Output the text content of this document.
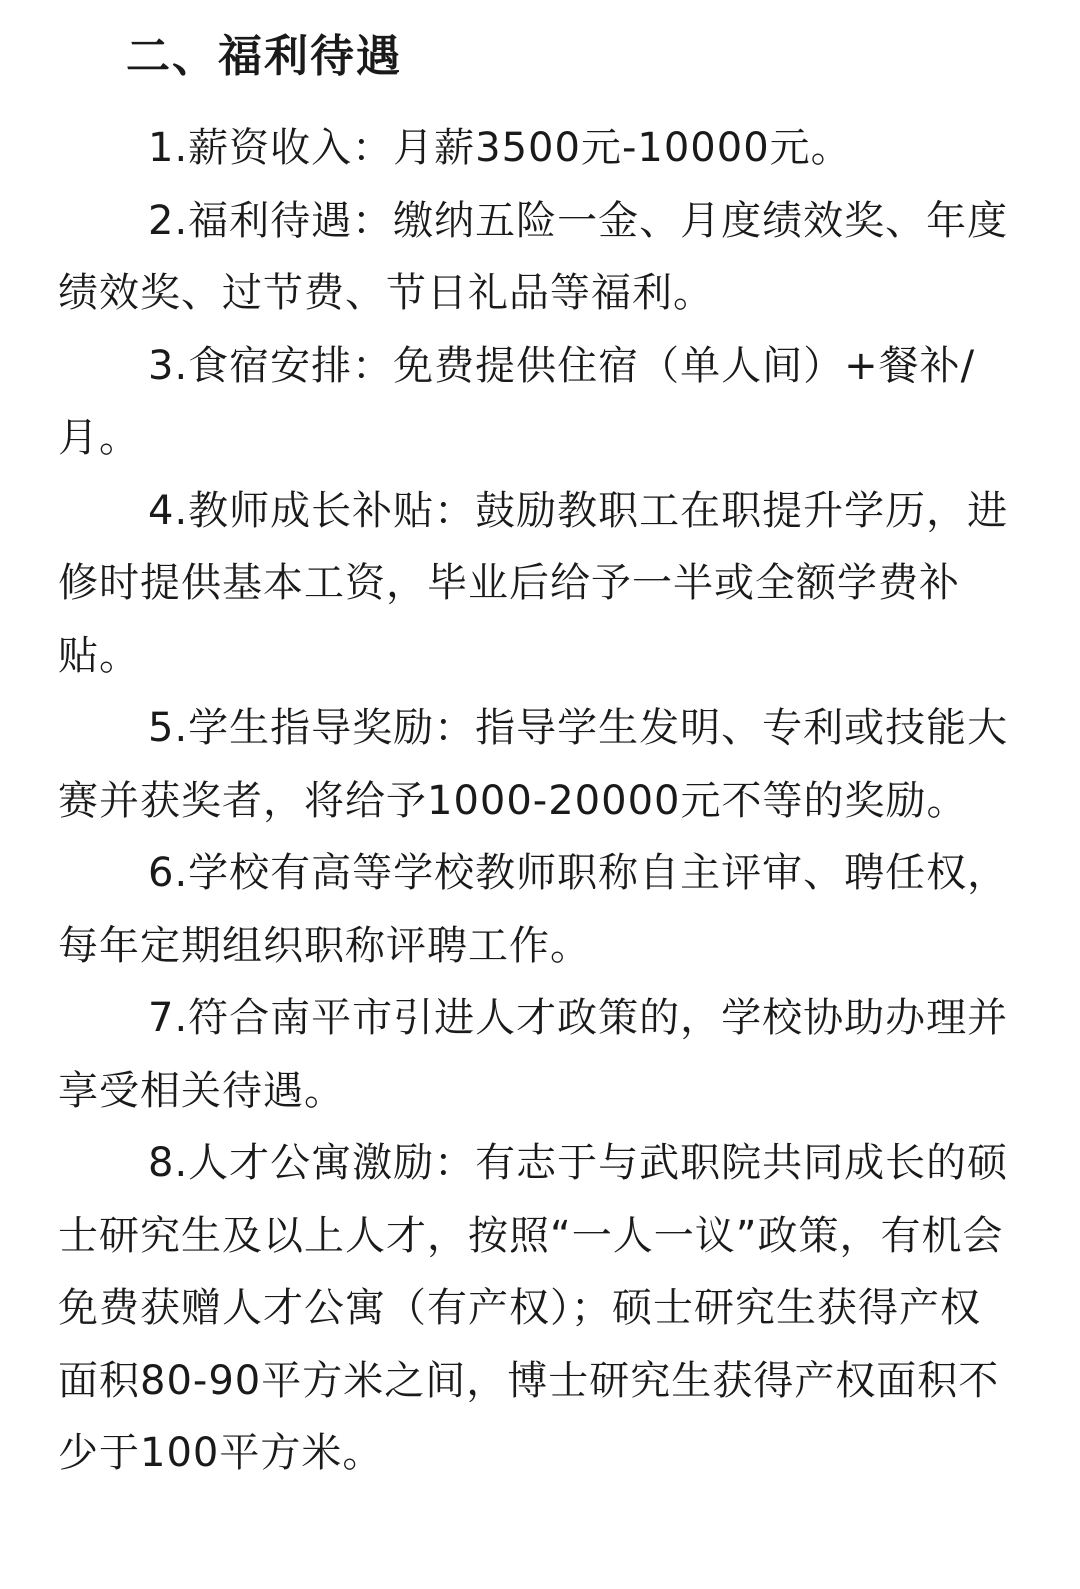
二、福利待遇

1.薪资收入：月薪3500元-10000元。

2.福利待遇：缴纳五险一金、月度绩效奖、年度绩效奖、过节费、节日礼品等福利。

3.食宿安排：免费提供住宿（单人间）+餐补/月。

4.教师成长补贴：鼓励教职工在职提升学历，进修时提供基本工资，毕业后给予一半或全额学费补贴。

5.学生指导奖励：指导学生发明、专利或技能大赛并获奖者，将给予1000-20000元不等的奖励。

6.学校有高等学校教师职称自主评审、聘任权，每年定期组织职称评聘工作。

7.符合南平市引进人才政策的，学校协助办理并享受相关待遇。

8.人才公寓激励：有志于与武职院共同成长的硕士研究生及以上人才，按照“一人一议”政策，有机会免费获赠人才公寓（有产权）；硕士研究生获得产权面积80-90平方米之间，博士研究生获得产权面积不少于100平方米。
